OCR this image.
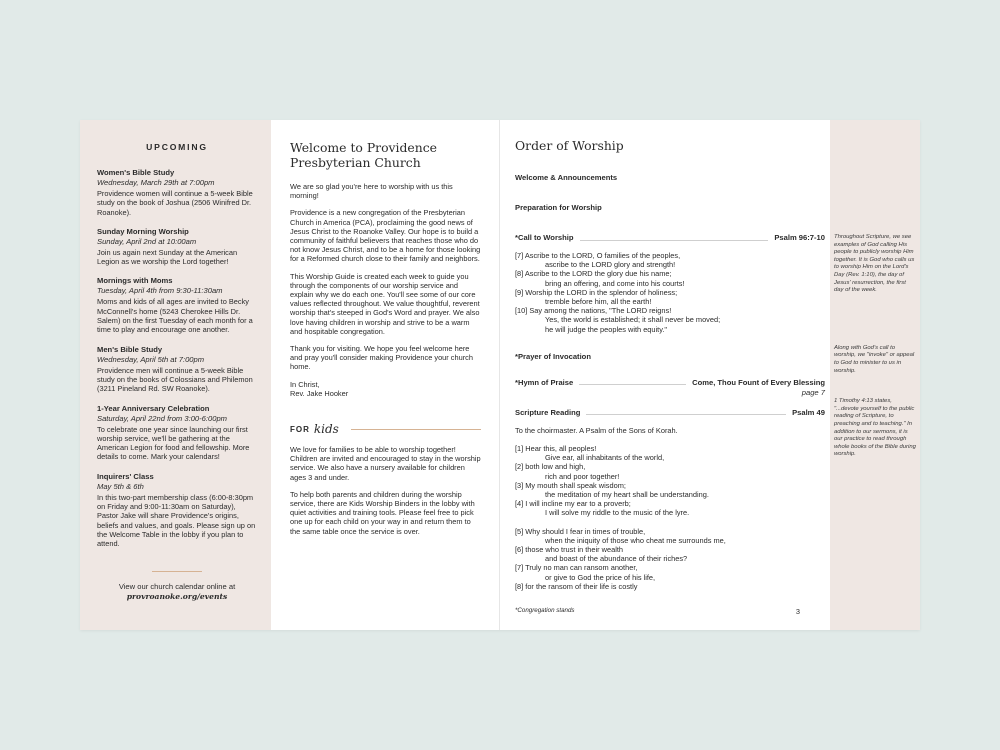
UPCOMING
Women's Bible Study
Wednesday, March 29th at 7:00pm
Providence women will continue a 5-week Bible study on the book of Joshua (2506 Winifred Dr. Roanoke).
Sunday Morning Worship
Sunday, April 2nd at 10:00am
Join us again next Sunday at the American Legion as we worship the Lord together!
Mornings with Moms
Tuesday, April 4th from 9:30-11:30am
Moms and kids of all ages are invited to Becky McConnell's home (5243 Cherokee Hills Dr. Salem) on the first Tuesday of each month for a time to play and encourage one another.
Men's Bible Study
Wednesday, April 5th at 7:00pm
Providence men will continue a 5-week Bible study on the books of Colossians and Philemon (3211 Pineland Rd. SW Roanoke).
1-Year Anniversary Celebration
Saturday, April 22nd from 3:00-6:00pm
To celebrate one year since launching our first worship service, we'll be gathering at the American Legion for food and fellowship. More details to come. Mark your calendars!
Inquirers' Class
May 5th & 6th
In this two-part membership class (6:00-8:30pm on Friday and 9:00-11:30am on Saturday), Pastor Jake will share Providence's origins, beliefs and values, and goals. Please sign up on the Welcome Table in the lobby if you plan to attend.
View our church calendar online at
provroanoke.org/events
Welcome to Providence
Presbyterian Church

We are so glad you're here to worship with us this morning!

Providence is a new congregation of the Presbyterian Church in America (PCA), proclaiming the good news of Jesus Christ to the Roanoke Valley. Our hope is to build a community of faithful believers that reaches those who do not know Jesus Christ, and to be a home for those looking for a Reformed church close to their family and neighbors.

This Worship Guide is created each week to guide you through the components of our worship service and explain why we do each one. You'll see some of our core values reflected throughout. We value thoughtful, reverent worship that's steeped in God's Word and prayer. We also love having children in worship and strive to be a warm and hospitable congregation.

Thank you for visiting. We hope you feel welcome here and pray you'll consider making Providence your church home.

In Christ,
Rev. Jake Hooker

FOR kids

We love for families to be able to worship together! Children are invited and encouraged to stay in the worship service. We also have a nursery available for children ages 3 and under.

To help both parents and children during the worship service, there are Kids Worship Binders in the lobby with quiet activities and training tools. Please feel free to pick one up for each child on your way in and return them to the same table once the service is over.

Order of Worship
Welcome & Announcements
Preparation for Worship
*Call to Worship	Psalm 96:7-10
[7] Ascribe to the LORD, O families of the peoples,
ascribe to the LORD glory and strength!
[8] Ascribe to the LORD the glory due his name;
bring an offering, and come into his courts!
[9] Worship the LORD in the splendor of holiness;
tremble before him, all the earth!
[10] Say among the nations, "The LORD reigns!
Yes, the world is established; it shall never be moved;
he will judge the peoples with equity."
*Prayer of Invocation
*Hymn of Praise	Come, Thou Fount of Every Blessing
page 7
Scripture Reading	Psalm 49
To the choirmaster. A Psalm of the Sons of Korah.
[1] Hear this, all peoples!
Give ear, all inhabitants of the world,
[2] both low and high,
rich and poor together!
[3] My mouth shall speak wisdom;
the meditation of my heart shall be understanding.
[4] I will incline my ear to a proverb;
I will solve my riddle to the music of the lyre.
[5] Why should I fear in times of trouble,
when the iniquity of those who cheat me surrounds me,
[6] those who trust in their wealth
and boast of the abundance of their riches?
[7] Truly no man can ransom another,
or give to God the price of his life,
[8] for the ransom of their life is costly
*Congregation stands	3
Throughout Scripture, we see examples of God calling His people to publicly worship Him together. It is God who calls us to worship Him on the Lord's Day (Rev. 1:10), the day of Jesus' resurrection, the first day of the week.
Along with God's call to worship, we "invoke" or appeal to God to minister to us in worship.
1 Timothy 4:13 states, "...devote yourself to the public reading of Scripture, to preaching and to teaching." In addition to our sermons, it is our practice to read through whole books of the Bible during worship.
